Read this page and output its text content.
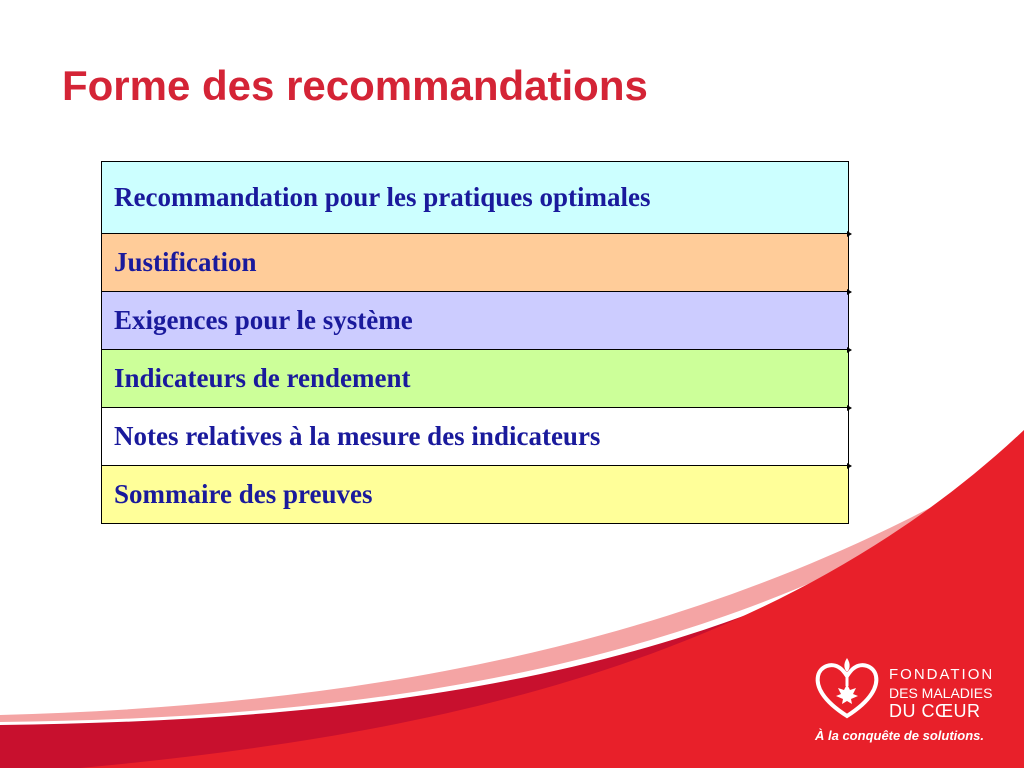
Forme des recommandations
Recommandation pour les pratiques optimales
Justification
Exigences pour le système
Indicateurs de rendement
Notes relatives à la mesure des indicateurs
Sommaire des preuves
FONDATION
DES MALADIES
DU CŒUR
À la conquête de solutions.
